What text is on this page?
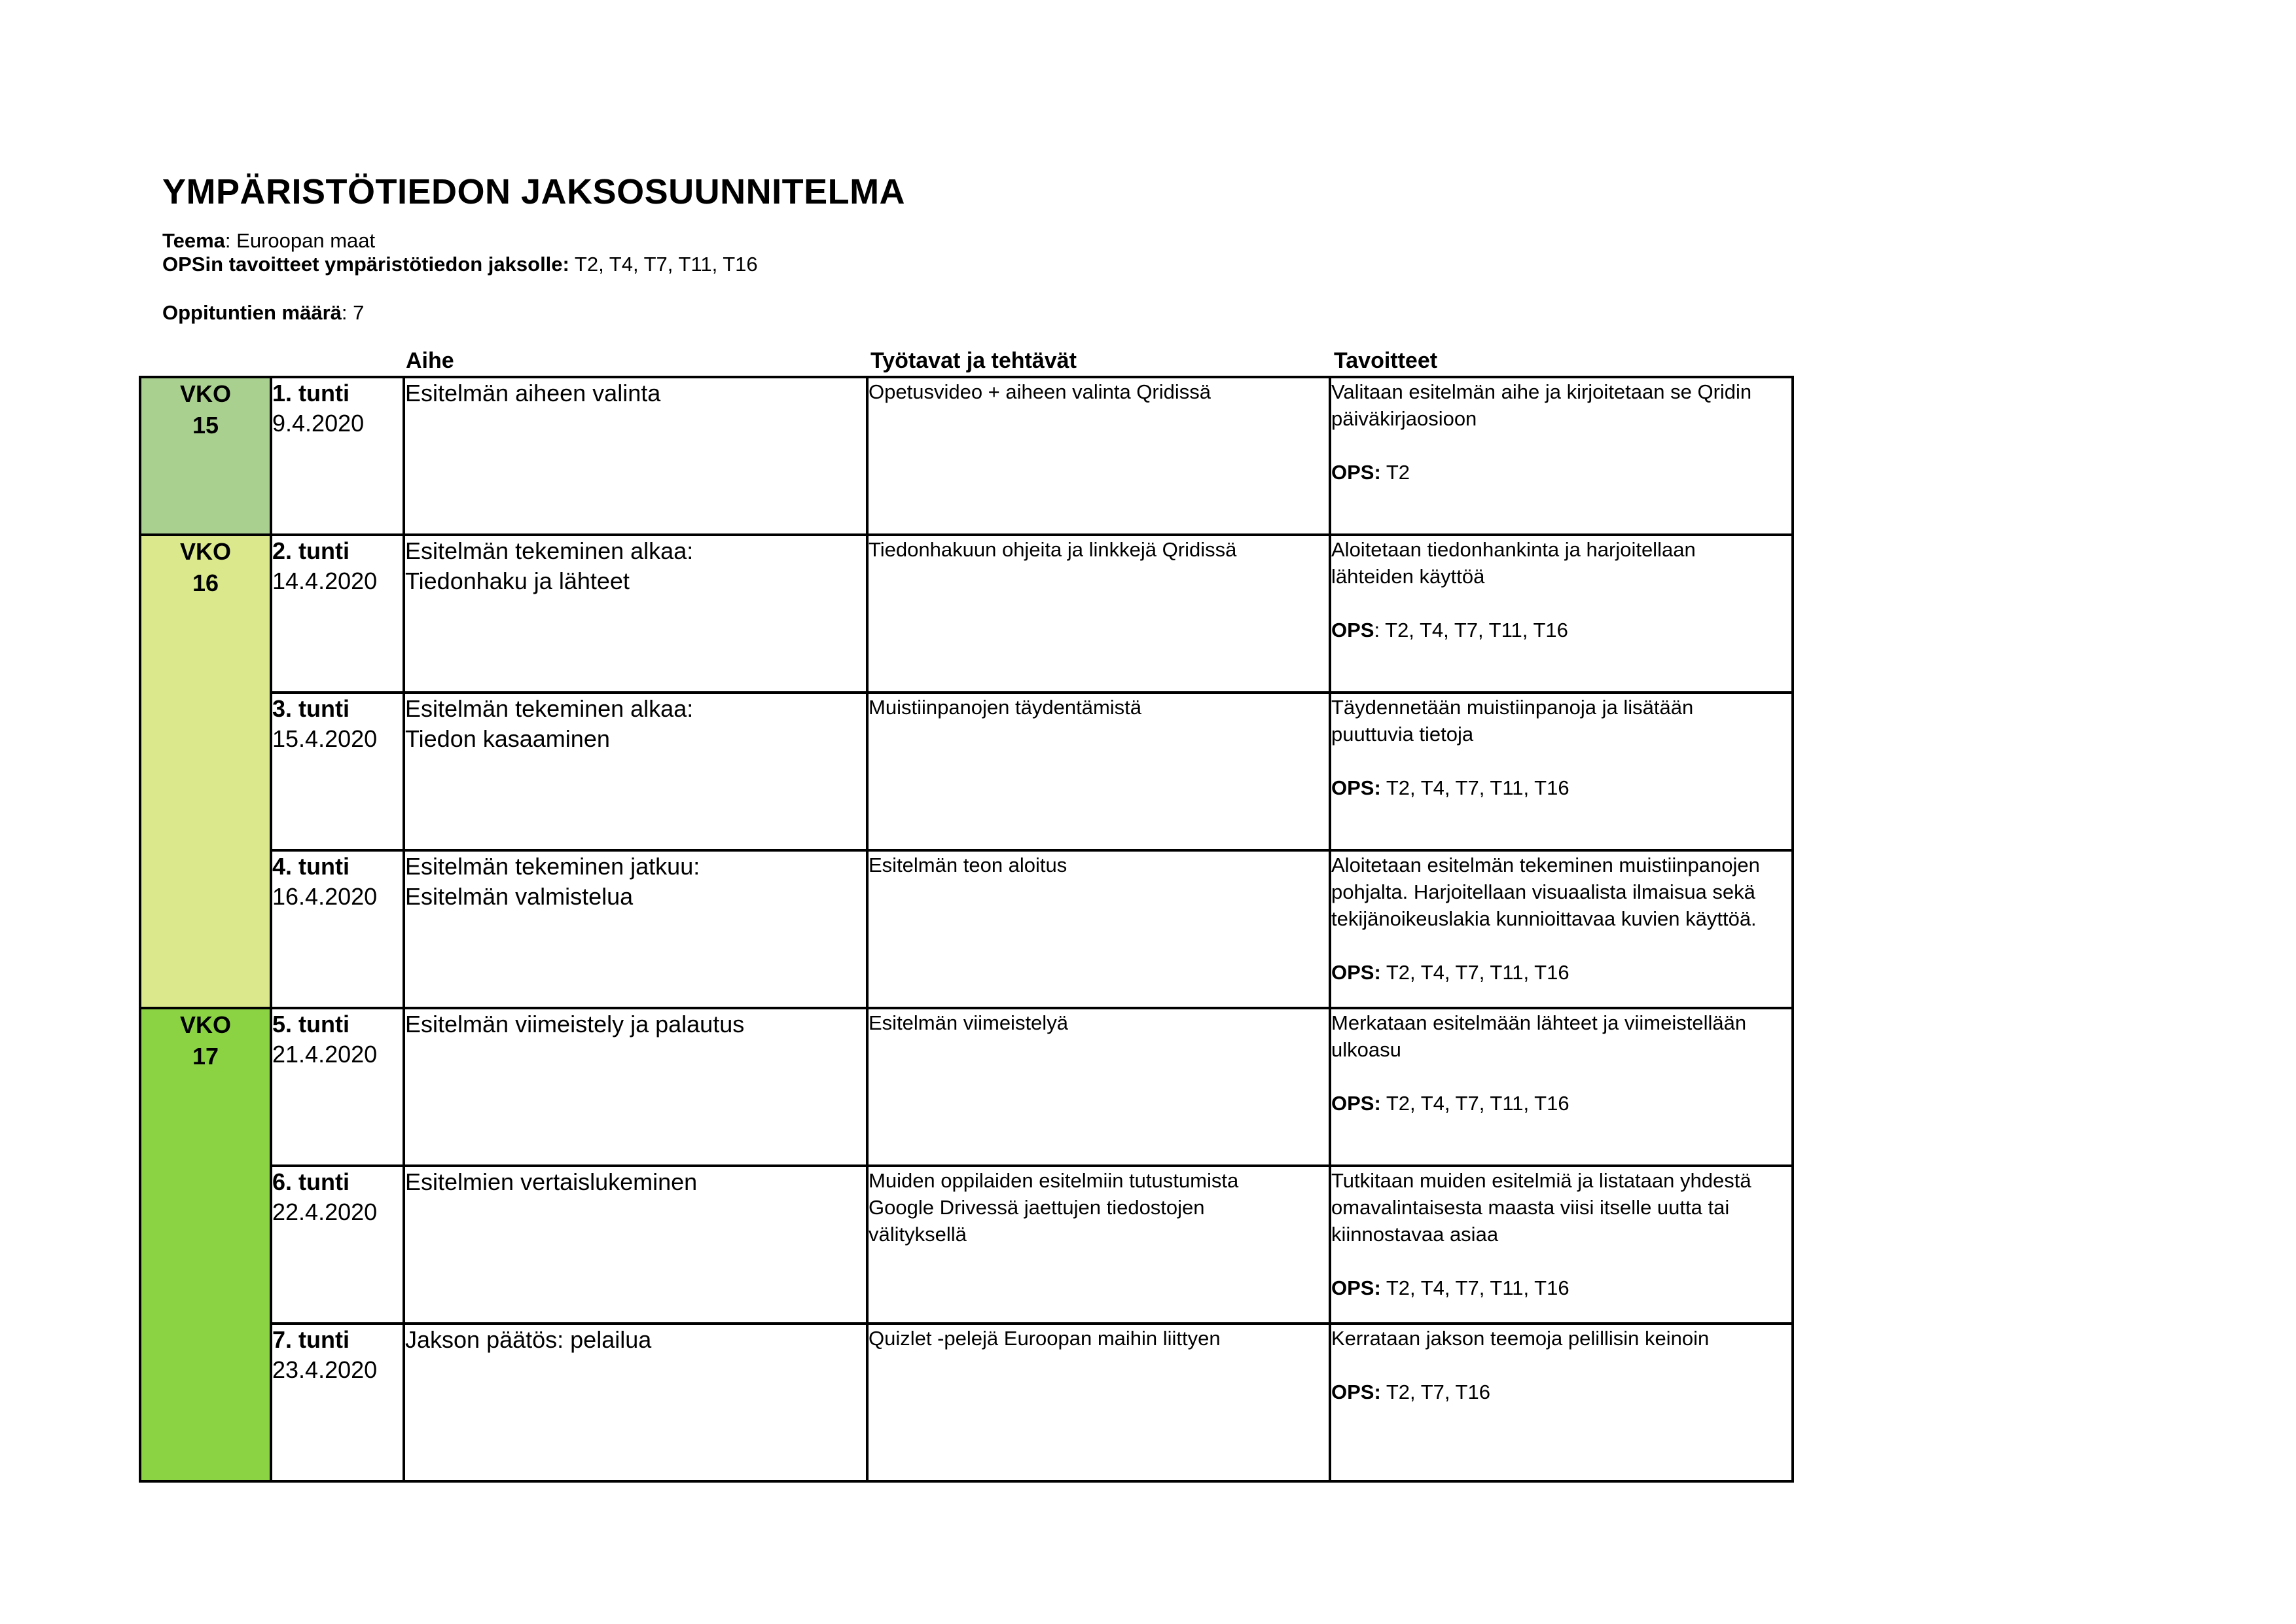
YMPÄRISTÖTIEDON JAKSOSUUNNITELMA
Teema: Euroopan maat
OPSin tavoitteet ympäristötiedon jaksolle: T2, T4, T7, T11, T16
Oppituntien määrä: 7
Aihe	Työtavat ja tehtävät	Tavoitteet
VKO
15	1. tunti
9.4.2020	Esitelmän aiheen valinta	Opetusvideo + aiheen valinta Qridissä	Valitaan esitelmän aihe ja kirjoitetaan se Qridin
päiväkirjaosioon
OPS: T2

VKO
16	2. tunti
14.4.2020	Esitelmän tekeminen alkaa:
Tiedonhaku ja lähteet	Tiedonhakuun ohjeita ja linkkejä Qridissä	Aloitetaan tiedonhankinta ja harjoitellaan
lähteiden käyttöä
OPS: T2, T4, T7, T11, T16

	3. tunti
15.4.2020	Esitelmän tekeminen alkaa:
Tiedon kasaaminen	Muistiinpanojen täydentämistä	Täydennetään muistiinpanoja ja lisätään
puuttuvia tietoja
OPS: T2, T4, T7, T11, T16

	4. tunti
16.4.2020	Esitelmän tekeminen jatkuu:
Esitelmän valmistelua	Esitelmän teon aloitus	Aloitetaan esitelmän tekeminen muistiinpanojen
pohjalta. Harjoitellaan visuaalista ilmaisua sekä
tekijänoikeuslakia kunnioittavaa kuvien käyttöä.
OPS: T2, T4, T7, T11, T16

VKO
17	5. tunti
21.4.2020	Esitelmän viimeistely ja palautus	Esitelmän viimeistelyä	Merkataan esitelmään lähteet ja viimeistellään
ulkoasu
OPS: T2, T4, T7, T11, T16

	6. tunti
22.4.2020	Esitelmien vertaislukeminen	Muiden oppilaiden esitelmiin tutustumista
Google Drivessä jaettujen tiedostojen
välityksellä	Tutkitaan muiden esitelmiä ja listataan yhdestä
omavalintaisesta maasta viisi itselle uutta tai
kiinnostavaa asiaa
OPS: T2, T4, T7, T11, T16

	7. tunti
23.4.2020	Jakson päätös: pelailua	Quizlet -pelejä Euroopan maihin liittyen	Kerrataan jakson teemoja pelillisin keinoin
OPS: T2, T7, T16
